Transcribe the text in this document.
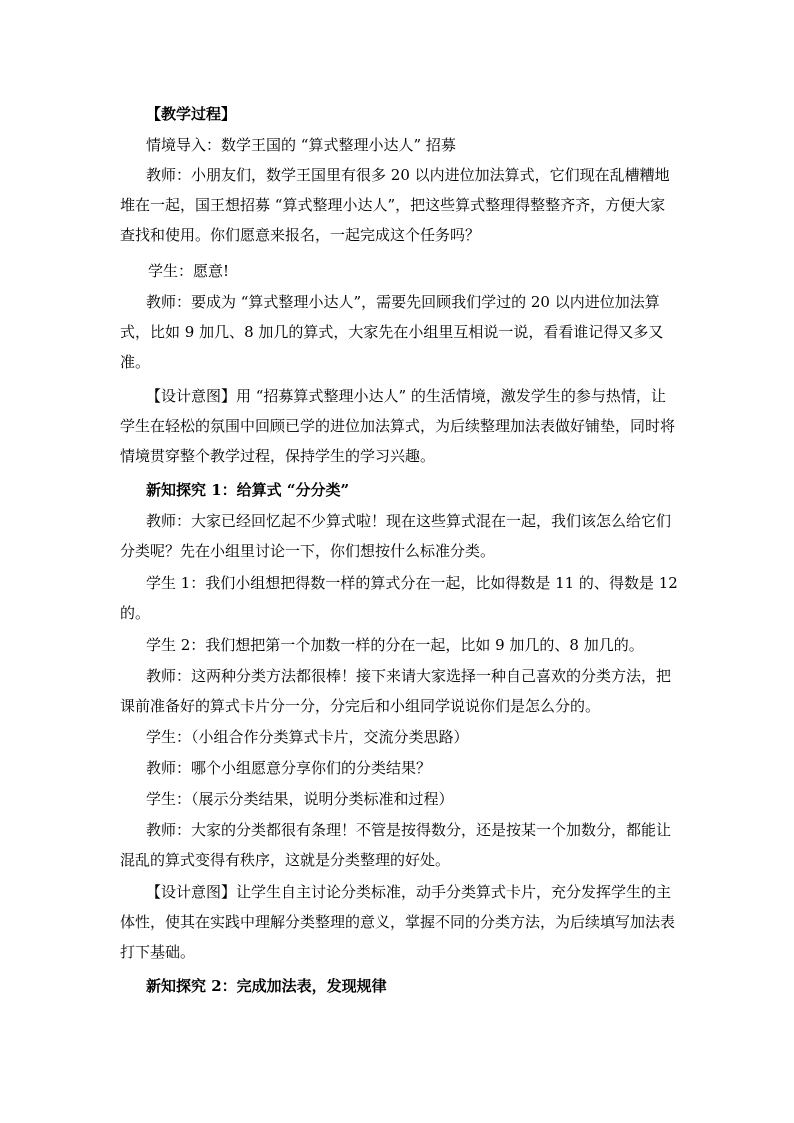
【教学过程】
情境导入：数学王国的 “算式整理小达人” 招募
教师：小朋友们，数学王国里有很多 20 以内进位加法算式，它们现在乱槽糟地堆在一起，国王想招募 “算式整理小达人”，把这些算式整理得整整齐齐，方便大家查找和使用。你们愿意来报名，一起完成这个任务吗？
学生：愿意!
教师：要成为 “算式整理小达人”，需要先回顾我们学过的 20 以内进位加法算式，比如 9 加几、8 加几的算式，大家先在小组里互相说一说，看看谁记得又多又准。
【设计意图】用 “招募算式整理小达人” 的生活情境，激发学生的参与热情，让学生在轻松的氛围中回顾已学的进位加法算式，为后续整理加法表做好铺垫，同时将情境贯穿整个教学过程，保持学生的学习兴趣。
新知探究 1：给算式 “分分类”
教师：大家已经回忆起不少算式啦！现在这些算式混在一起，我们该怎么给它们分类呢？先在小组里讨论一下，你们想按什么标准分类。
学生 1：我们小组想把得数一样的算式分在一起，比如得数是 11 的、得数是 12 的。
学生 2：我们想把第一个加数一样的分在一起，比如 9 加几的、8 加几的。
教师：这两种分类方法都很棒！接下来请大家选择一种自己喜欢的分类方法，把课前准备好的算式卡片分一分，分完后和小组同学说说你们是怎么分的。
学生：（小组合作分类算式卡片，交流分类思路）
教师：哪个小组愿意分享你们的分类结果？
学生：（展示分类结果，说明分类标准和过程）
教师：大家的分类都很有条理！不管是按得数分，还是按某一个加数分，都能让混乱的算式变得有秩序，这就是分类整理的好处。
【设计意图】让学生自主讨论分类标准，动手分类算式卡片，充分发挥学生的主体性，使其在实践中理解分类整理的意义，掌握不同的分类方法，为后续填写加法表打下基础。
新知探究 2：完成加法表，发现规律
